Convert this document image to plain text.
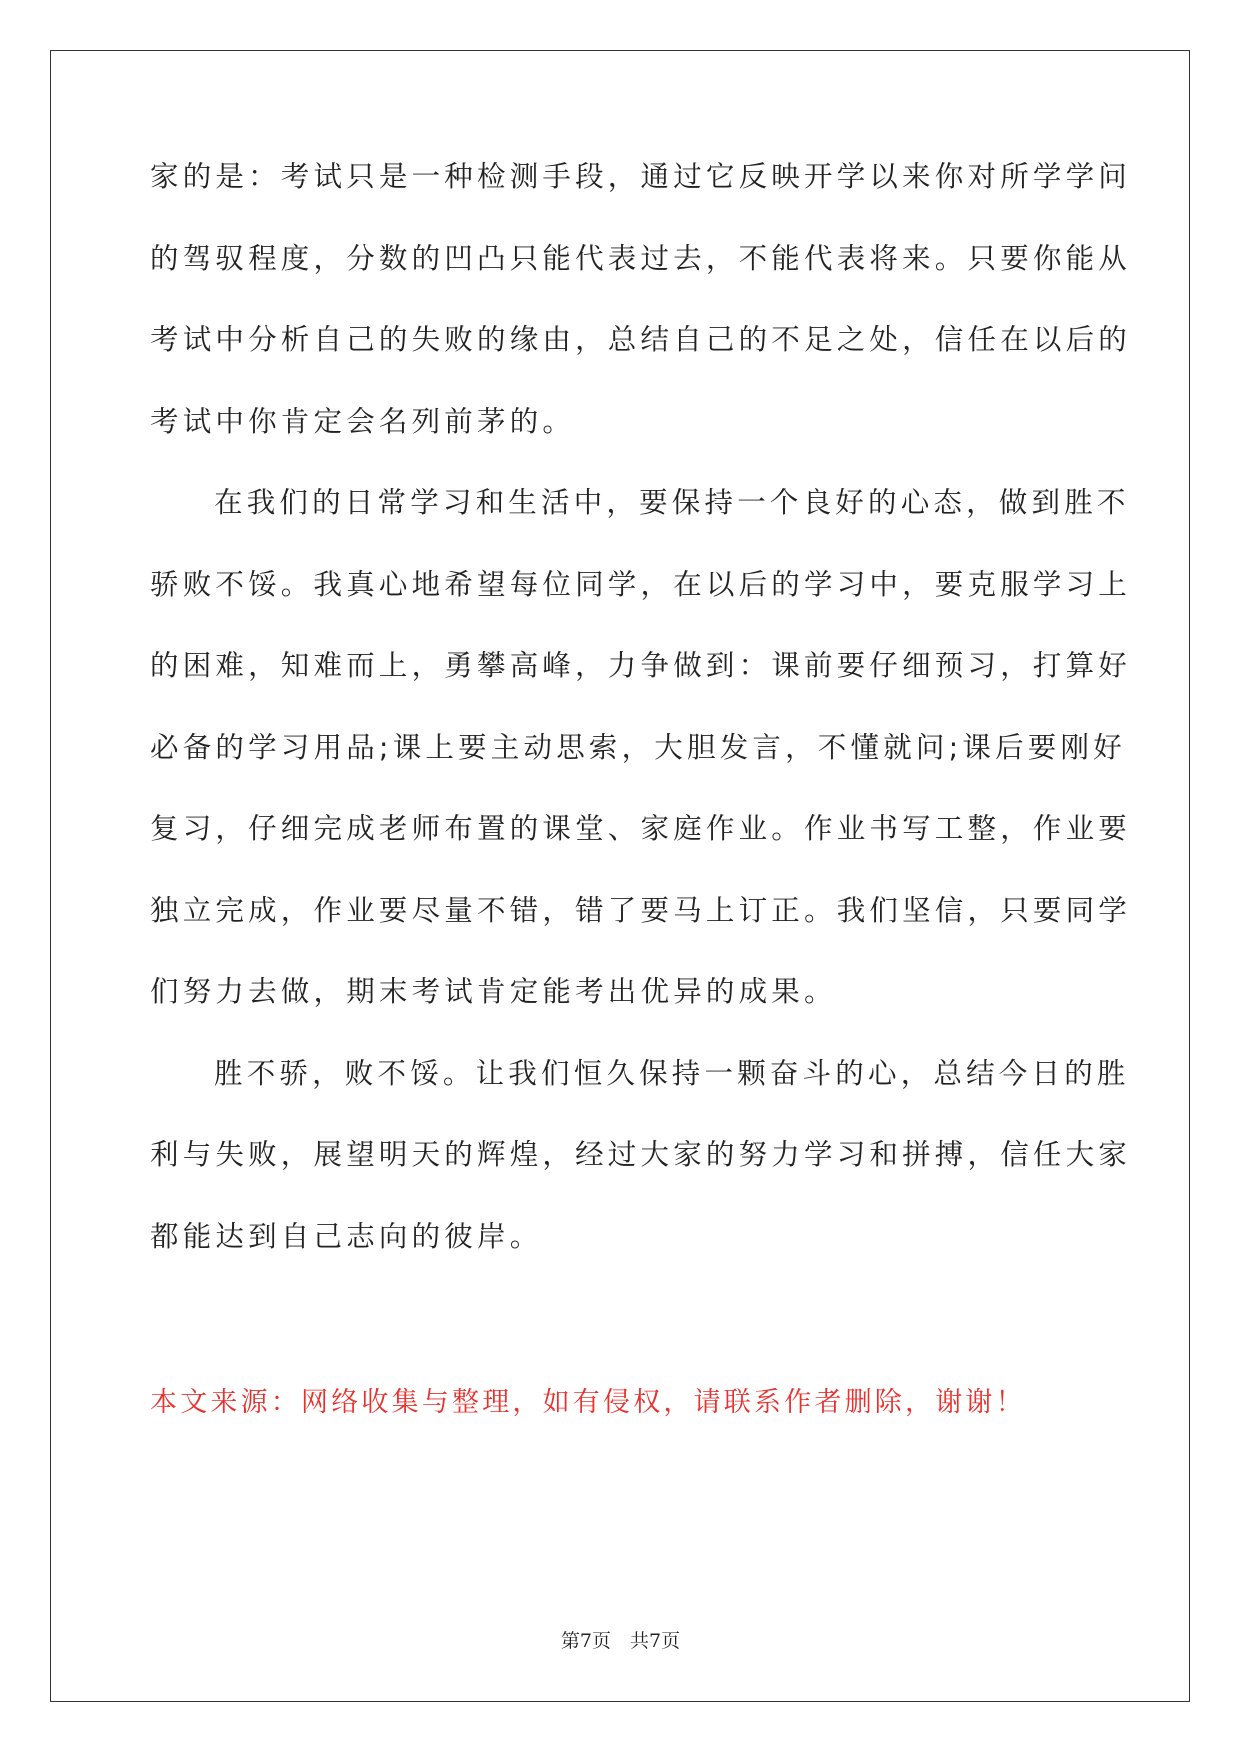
家的是：考试只是一种检测手段，通过它反映开学以来你对所学学问
的驾驭程度，分数的凹凸只能代表过去，不能代表将来。只要你能从
考试中分析自己的失败的缘由，总结自己的不足之处，信任在以后的
考试中你肯定会名列前茅的。
在我们的日常学习和生活中，要保持一个良好的心态，做到胜不
骄败不馁。我真心地希望每位同学，在以后的学习中，要克服学习上
的困难，知难而上，勇攀高峰，力争做到：课前要仔细预习，打算好
必备的学习用品;课上要主动思索，大胆发言，不懂就问;课后要刚好
复习，仔细完成老师布置的课堂、家庭作业。作业书写工整，作业要
独立完成，作业要尽量不错，错了要马上订正。我们坚信，只要同学
们努力去做，期末考试肯定能考出优异的成果。
胜不骄，败不馁。让我们恒久保持一颗奋斗的心，总结今日的胜
利与失败，展望明天的辉煌，经过大家的努力学习和拼搏，信任大家
都能达到自己志向的彼岸。
本文来源：网络收集与整理，如有侵权，请联系作者删除，谢谢！
第7页　共7页
